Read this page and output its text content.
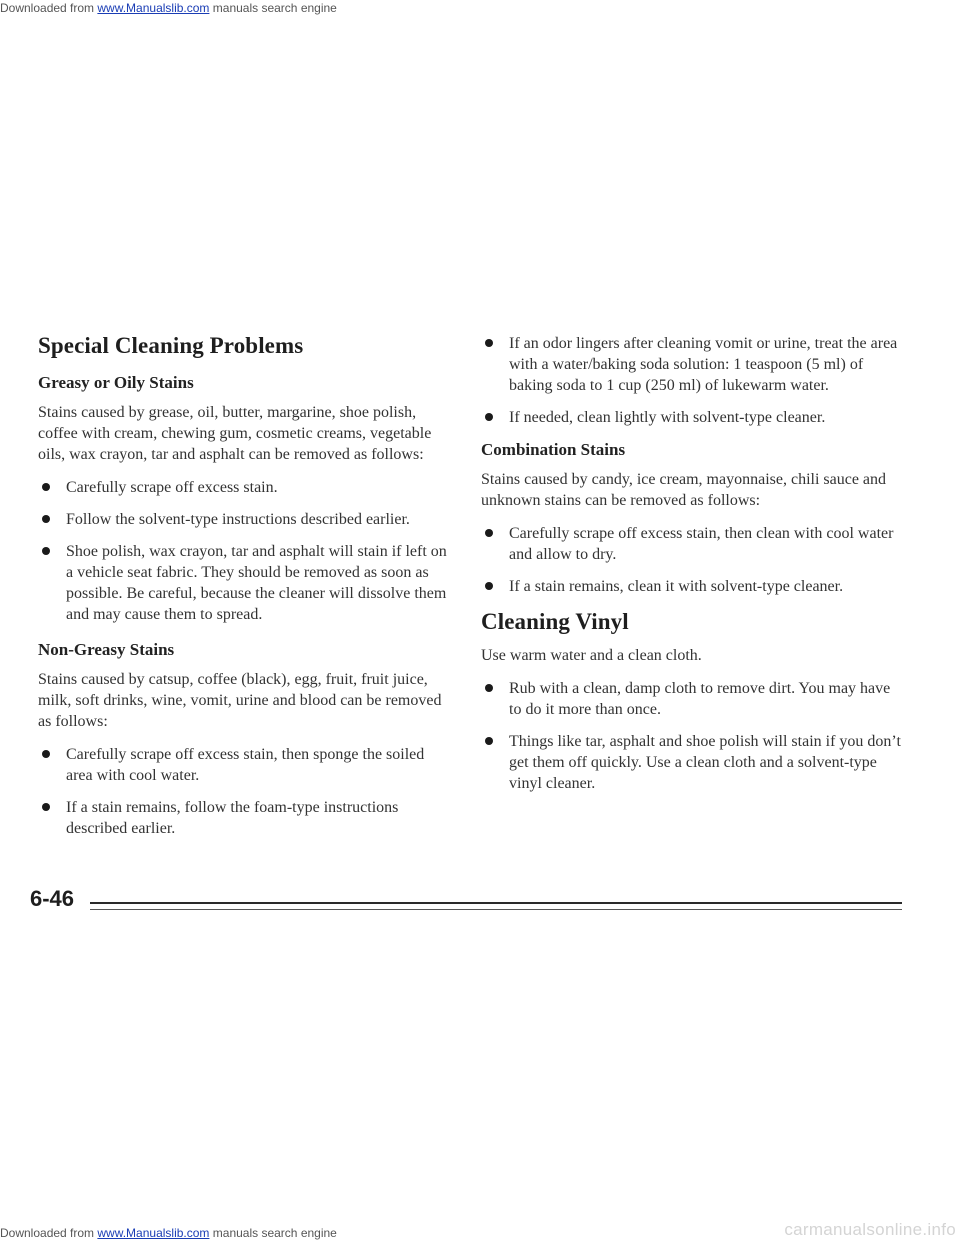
Downloaded from www.Manualslib.com manuals search engine
Special Cleaning Problems
Greasy or Oily Stains

Stains caused by grease, oil, butter, margarine, shoe polish, coffee with cream, chewing gum, cosmetic creams, vegetable oils, wax crayon, tar and asphalt can be removed as follows:

Carefully scrape off excess stain.
Follow the solvent-type instructions described earlier.
Shoe polish, wax crayon, tar and asphalt will stain if left on a vehicle seat fabric. They should be removed as soon as possible. Be careful, because the cleaner will dissolve them and may cause them to spread.
Non-Greasy Stains

Stains caused by catsup, coffee (black), egg, fruit, fruit juice, milk, soft drinks, wine, vomit, urine and blood can be removed as follows:

Carefully scrape off excess stain, then sponge the soiled area with cool water.
If a stain remains, follow the foam-type instructions described earlier.
If an odor lingers after cleaning vomit or urine, treat the area with a water/baking soda solution: 1 teaspoon (5 ml) of baking soda to 1 cup (250 ml) of lukewarm water.
If needed, clean lightly with solvent-type cleaner.
Combination Stains

Stains caused by candy, ice cream, mayonnaise, chili sauce and unknown stains can be removed as follows:

Carefully scrape off excess stain, then clean with cool water and allow to dry.
If a stain remains, clean it with solvent-type cleaner.
Cleaning Vinyl

Use warm water and a clean cloth.

Rub with a clean, damp cloth to remove dirt. You may have to do it more than once.
Things like tar, asphalt and shoe polish will stain if you don’t get them off quickly. Use a clean cloth and a solvent-type vinyl cleaner.
6-46
Downloaded from www.Manualslib.com manuals search engine	carmanualsonline.info
